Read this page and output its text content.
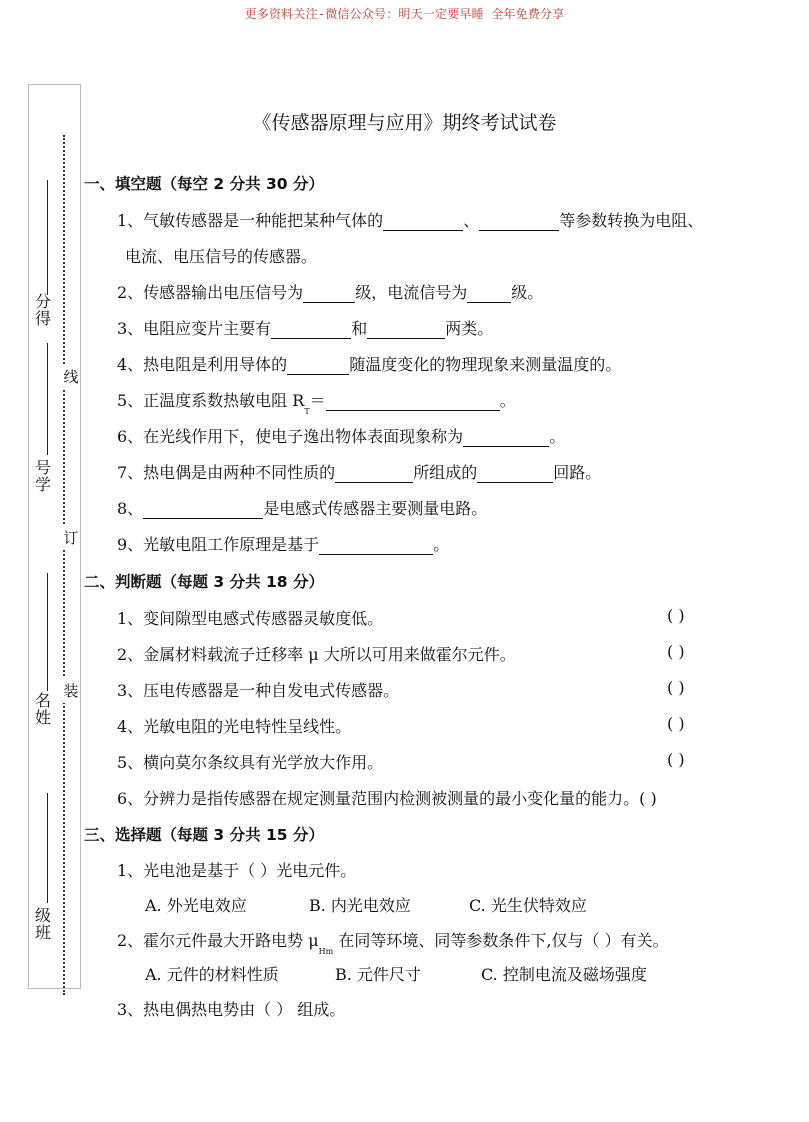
更多资料关注-微信公众号：明天一定要早睡 全年免费分享
分得
号学
名姓
级班
线
订
装
《传感器原理与应用》期终考试试卷
一、填空题（每空 2 分共 30 分）
1、气敏传感器是一种能把某种气体的	、	等参数转换为电阻、
电流、电压信号的传感器。
2、传感器输出电压信号为	级，电流信号为	级。
3、电阻应变片主要有	和	两类。
4、热电阻是利用导体的	随温度变化的物理现象来测量温度的。
5、正温度系数热敏电阻 $R_T=$	。
6、在光线作用下，使电子逸出物体表面现象称为	。
7、热电偶是由两种不同性质的	所组成的	回路。
8、	是电感式传感器主要测量电路。
9、光敏电阻工作原理是基于	。
二、判断题（每题 3 分共 18 分）
1、变间隙型电感式传感器灵敏度低。	( )
2、金属材料载流子迁移率 μ 大所以可用来做霍尔元件。	( )
3、压电传感器是一种自发电式传感器。	( )
4、光敏电阻的光电特性呈线性。	( )
5、横向莫尔条纹具有光学放大作用。	( )
6、分辨力是指传感器在规定测量范围内检测被测量的最小变化量的能力。( )
三、选择题（每题 3 分共 15 分）
1、光电池是基于（ ）光电元件。
A. 外光电效应	B. 内光电效应	C. 光生伏特效应
2、霍尔元件最大开路电势 $\mu_{Hm}$ 在同等环境、同等参数条件下,仅与（ ）有关。
A. 元件的材料性质	B. 元件尺寸	C. 控制电流及磁场强度
3、热电偶热电势由（ ） 组成。
